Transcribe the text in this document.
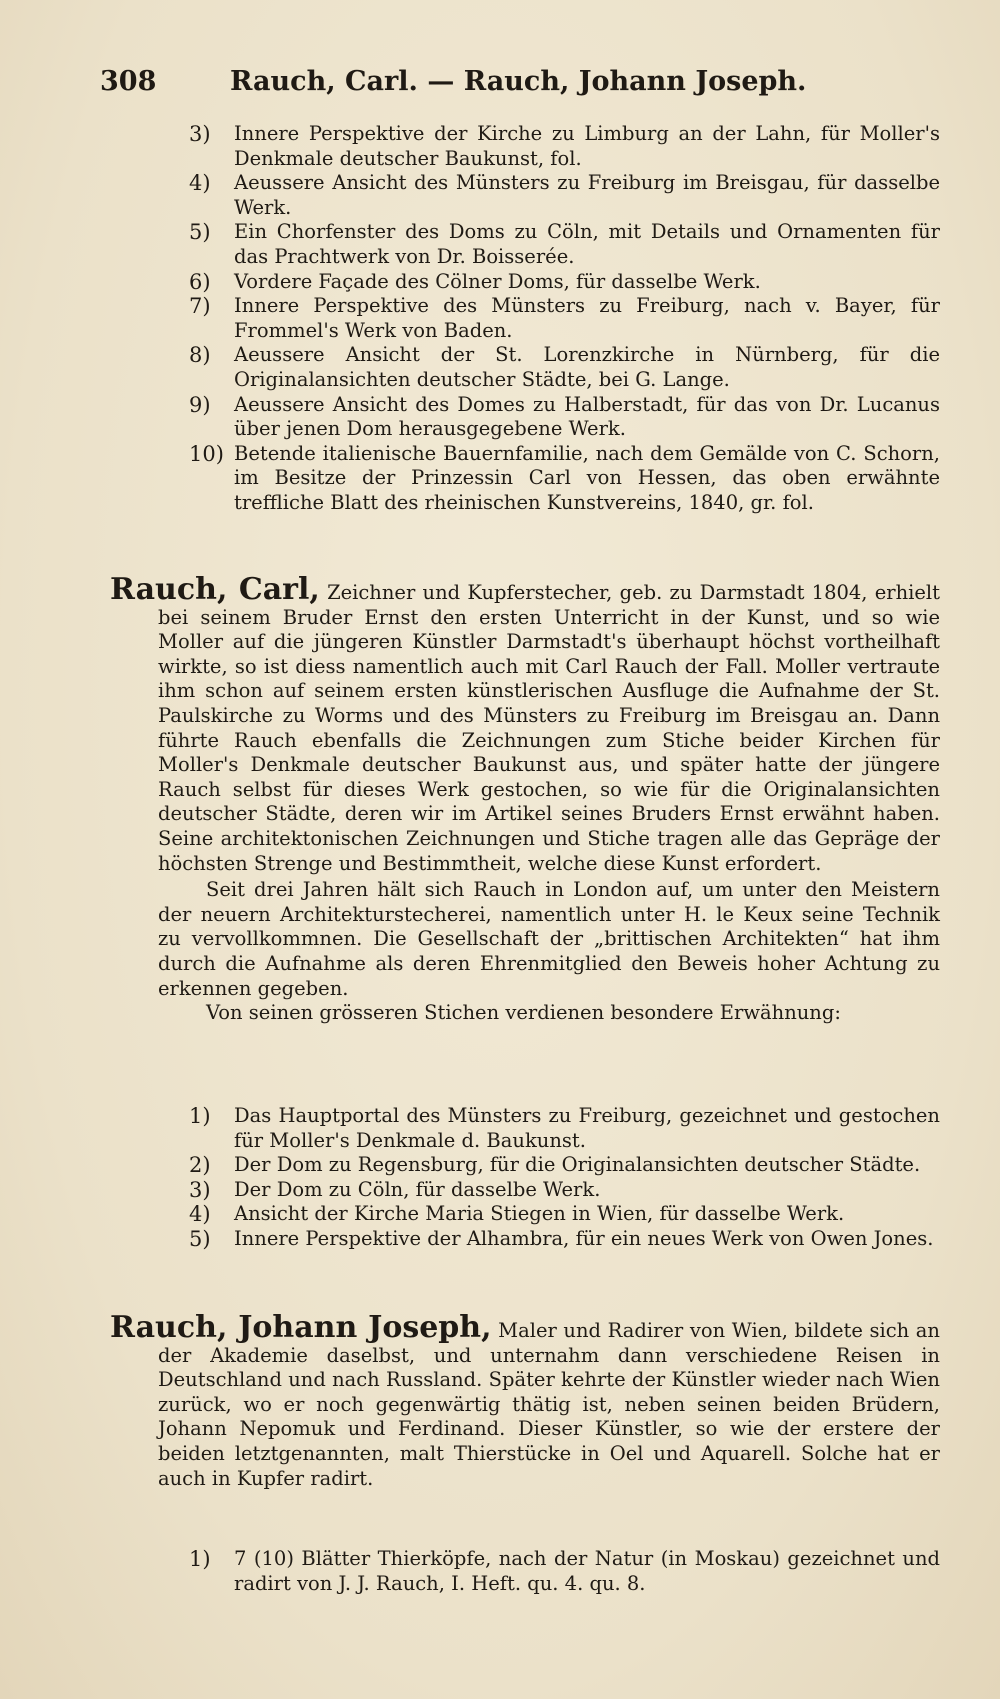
308	Rauch, Carl. — Rauch, Johann Joseph.

3)	Innere Perspektive der Kirche zu Limburg an der Lahn, für Moller's Denkmale deutscher Baukunst, fol.

4)	Aeussere Ansicht des Münsters zu Freiburg im Breisgau, für dasselbe Werk.

5)	Ein Chorfenster des Doms zu Cöln, mit Details und Ornamenten für das Prachtwerk von Dr. Boisserée.

6)	Vordere Façade des Cölner Doms, für dasselbe Werk.

7)	Innere Perspektive des Münsters zu Freiburg, nach v. Bayer, für Frommel's Werk von Baden.

8)	Aeussere Ansicht der St. Lorenzkirche in Nürnberg, für die Originalansichten deutscher Städte, bei G. Lange.

9)	Aeussere Ansicht des Domes zu Halberstadt, für das von Dr. Lucanus über jenen Dom herausgegebene Werk.

10) Betende italienische Bauernfamilie, nach dem Gemälde von C. Schorn, im Besitze der Prinzessin Carl von Hessen, das oben erwähnte treffliche Blatt des rheinischen Kunstvereins, 1840, gr. fol.

Rauch, Carl, Zeichner und Kupferstecher, geb. zu Darmstadt 1804, erhielt bei seinem Bruder Ernst den ersten Unterricht in der Kunst, und so wie Moller auf die jüngeren Künstler Darmstadt's überhaupt höchst vortheilhaft wirkte, so ist diess namentlich auch mit Carl Rauch der Fall. Moller vertraute ihm schon auf seinem ersten künstlerischen Ausfluge die Aufnahme der St. Paulskirche zu Worms und des Münsters zu Freiburg im Breisgau an. Dann führte Rauch ebenfalls die Zeichnungen zum Stiche beider Kirchen für Moller's Denkmale deutscher Baukunst aus, und später hatte der jüngere Rauch selbst für dieses Werk gestochen, so wie für die Originalansichten deutscher Städte, deren wir im Artikel seines Bruders Ernst erwähnt haben. Seine architektonischen Zeichnungen und Stiche tragen alle das Gepräge der höchsten Strenge und Bestimmtheit, welche diese Kunst erfordert.

Seit drei Jahren hält sich Rauch in London auf, um unter den Meistern der neuern Architekturstecherei, namentlich unter H. le Keux seine Technik zu vervollkommnen. Die Gesellschaft der „brittischen Architekten“ hat ihm durch die Aufnahme als deren Ehrenmitglied den Beweis hoher Achtung zu erkennen gegeben.

Von seinen grösseren Stichen verdienen besondere Erwähnung:

1)	Das Hauptportal des Münsters zu Freiburg, gezeichnet und gestochen für Moller's Denkmale d. Baukunst.

2)	Der Dom zu Regensburg, für die Originalansichten deutscher Städte.

3)	Der Dom zu Cöln, für dasselbe Werk.

4)	Ansicht der Kirche Maria Stiegen in Wien, für dasselbe Werk.

5)	Innere Perspektive der Alhambra, für ein neues Werk von Owen Jones.

Rauch, Johann Joseph, Maler und Radirer von Wien, bildete sich an der Akademie daselbst, und unternahm dann verschiedene Reisen in Deutschland und nach Russland. Später kehrte der Künstler wieder nach Wien zurück, wo er noch gegenwärtig thätig ist, neben seinen beiden Brüdern, Johann Nepomuk und Ferdinand. Dieser Künstler, so wie der erstere der beiden letztgenannten, malt Thierstücke in Oel und Aquarell. Solche hat er auch in Kupfer radirt.

1)	7 (10) Blätter Thierköpfe, nach der Natur (in Moskau) gezeichnet und radirt von J. J. Rauch, I. Heft. qu. 4. qu. 8.
